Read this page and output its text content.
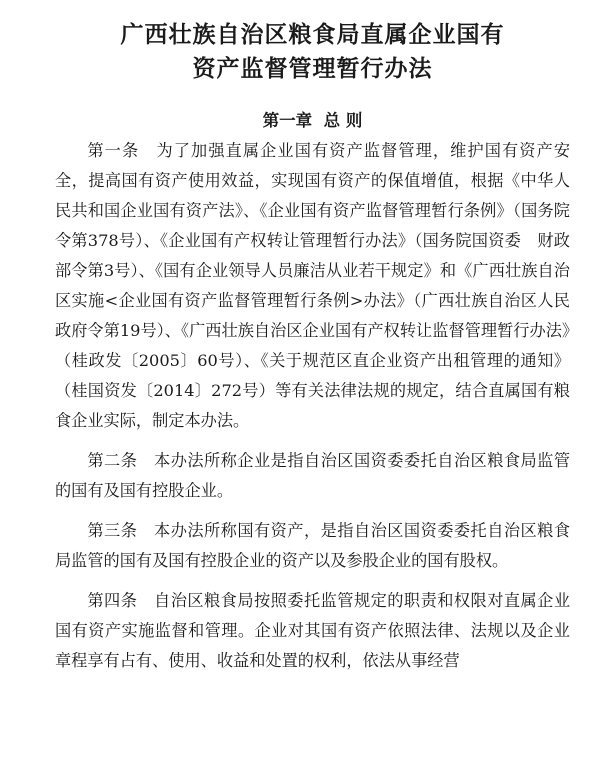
广西壮族自治区粮食局直属企业国有
资产监督管理暂行办法
第一章  总 则

第一条　 为了加强直属企业国有资产监督管理，维护国有资产安全，提高国有资产使用效益，实现国有资产的保值增值，根据《中华人民共和国企业国有资产法》、《企业国有资产监督管理暂行条例》（国务院令第378号）、《企业国有产权转让管理暂行办法》（国务院国资委　财政部令第3号）、《国有企业领导人员廉洁从业若干规定》和《广西壮族自治区实施<企业国有资产监督管理暂行条例>办法》（广西壮族自治区人民政府令第19号）、《广西壮族自治区企业国有产权转让监督管理暂行办法》（桂政发〔2005〕60号）、《关于规范区直企业资产出租管理的通知》（桂国资发〔2014〕272号）等有关法律法规的规定，结合直属国有粮食企业实际，制定本办法。

第二条　 本办法所称企业是指自治区国资委委托自治区粮食局监管的国有及国有控股企业。

第三条　 本办法所称国有资产，是指自治区国资委委托自治区粮食局监管的国有及国有控股企业的资产以及参股企业的国有股权。

第四条　 自治区粮食局按照委托监管规定的职责和权限对直属企业国有资产实施监督和管理。企业对其国有资产依照法律、法规以及企业章程享有占有、使用、收益和处置的权利，依法从事经营
